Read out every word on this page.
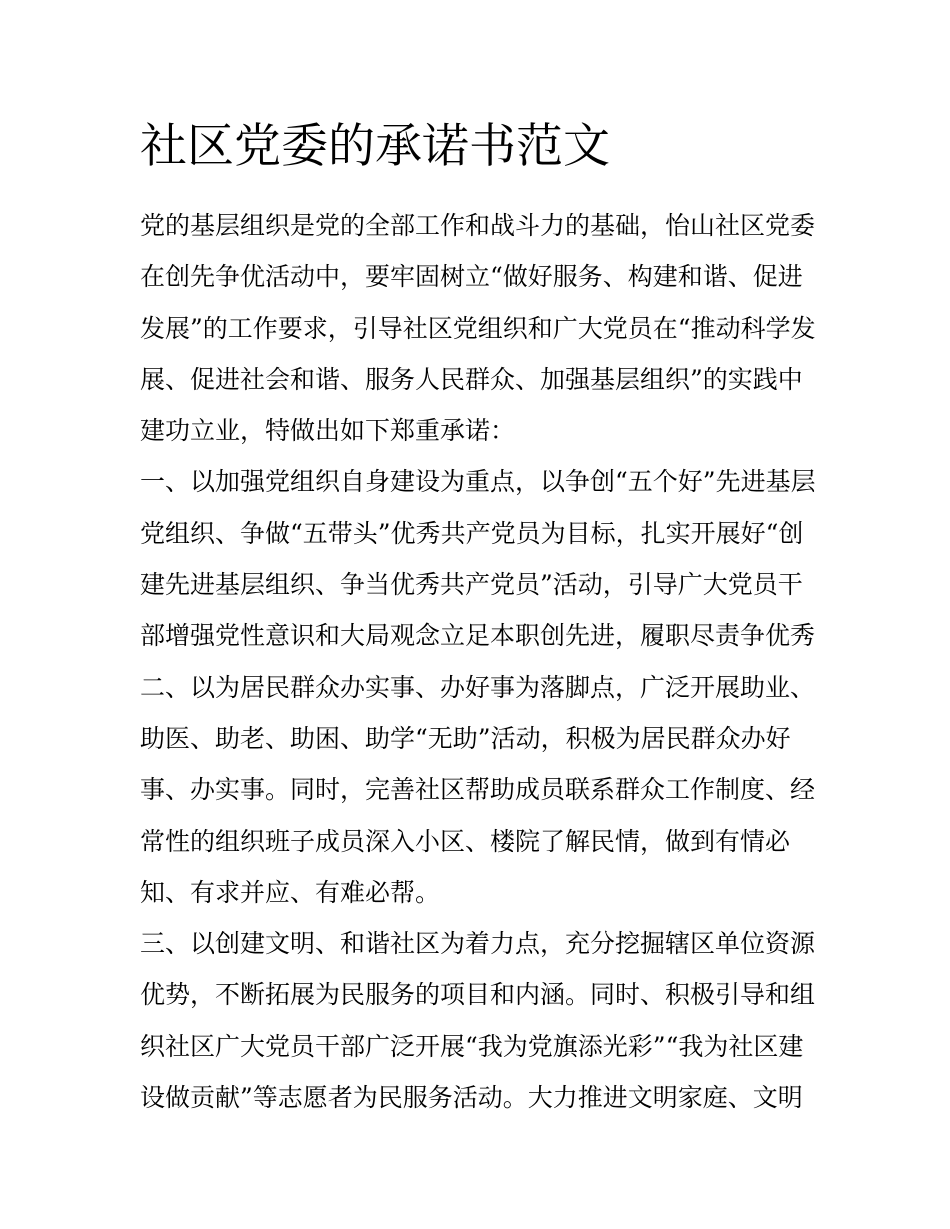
社区党委的承诺书范文
党的基层组织是党的全部工作和战斗力的基础，怡山社区党委
在创先争优活动中，要牢固树立“做好服务、构建和谐、促进
发展”的工作要求，引导社区党组织和广大党员在“推动科学发
展、促进社会和谐、服务人民群众、加强基层组织”的实践中
建功立业，特做出如下郑重承诺：
一、以加强党组织自身建设为重点，以争创“五个好”先进基层
党组织、争做“五带头”优秀共产党员为目标，扎实开展好“创
建先进基层组织、争当优秀共产党员”活动，引导广大党员干
部增强党性意识和大局观念立足本职创先进，履职尽责争优秀
二、以为居民群众办实事、办好事为落脚点，广泛开展助业、
助医、助老、助困、助学“无助”活动，积极为居民群众办好
事、办实事。同时，完善社区帮助成员联系群众工作制度、经
常性的组织班子成员深入小区、楼院了解民情，做到有情必
知、有求并应、有难必帮。
三、以创建文明、和谐社区为着力点，充分挖掘辖区单位资源
优势，不断拓展为民服务的项目和内涵。同时、积极引导和组
织社区广大党员干部广泛开展“我为党旗添光彩”“我为社区建
设做贡献”等志愿者为民服务活动。大力推进文明家庭、文明
